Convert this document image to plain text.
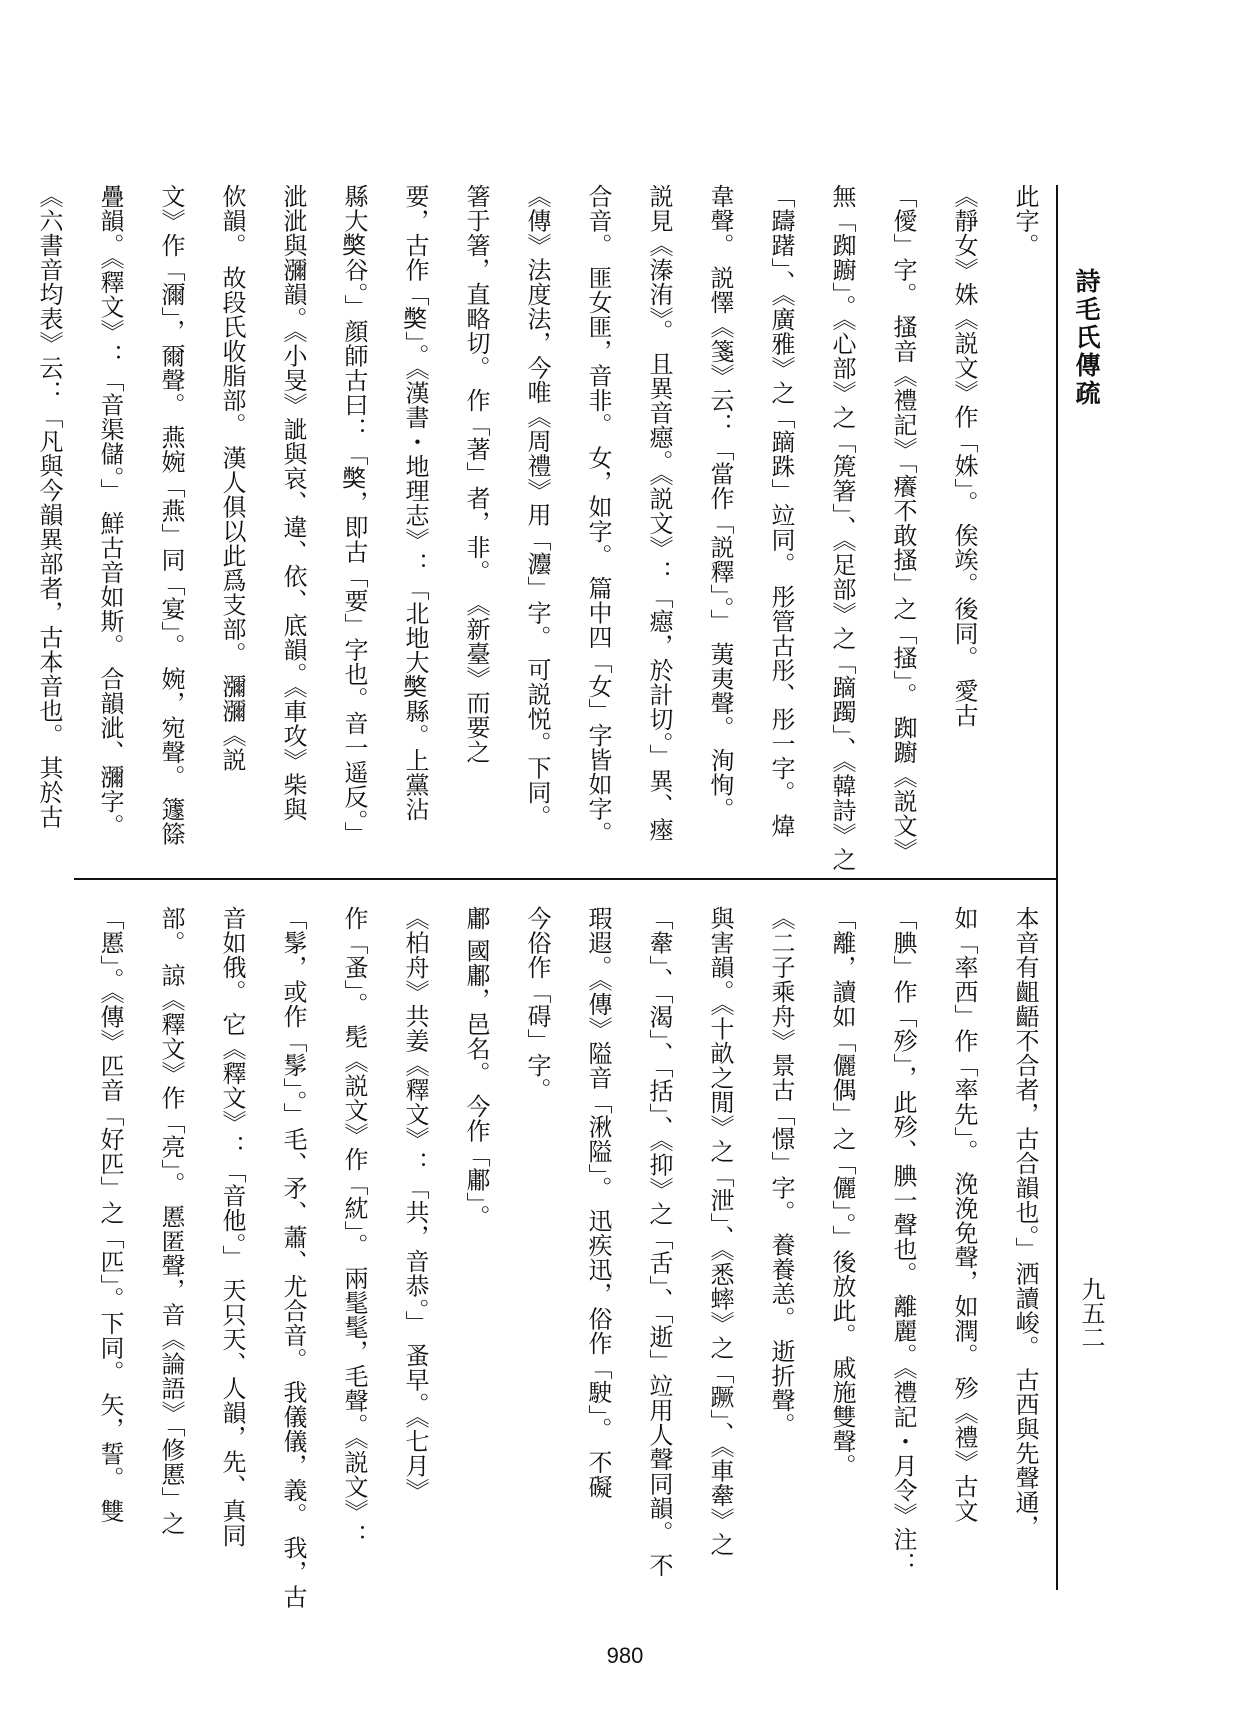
詩毛氏傳疏
九五二
此字。
《靜女》姝《説文》作「姝」。 俟竢。後同。 愛古
「僾」字。 搔音《禮記》「癢不敢搔」之「搔」。 踟躕《説文》
無「踟躕」。《心部》之「箎箸」、《足部》之「蹢躅」、《韓詩》之
「躊躇」、《廣雅》之「蹢跦」竝同。 彤管古彤、彤一字。 煒
韋聲。 説懌《箋》云：「當作「説釋」。」 荑夷聲。 洵恂。
説見《溱洧》。 且異音癋。《説文》：「癋，於計切。」異、瘞
合音。 匪女匪，音非。 女，如字。 篇中四「女」字皆如字。
《傳》法度法，今唯《周禮》用「灋」字。 可説悦。下同。
箸于箸，直略切。 作「著」者，非。 《新臺》而要之
要，古作「𡚁」。《漢書・地理志》：「北地大𡚁縣。上黨沾
縣大𡚁谷。」顔師古曰：「𡚁，即古「要」字也。音一遥反。」
泚泚與瀰韻。《小旻》訿與哀、違、依、底韻。《車攻》柴與
佽韻。 故段氏收脂部。 漢人俱以此爲支部。 瀰瀰《説
文》作「濔」，爾聲。 燕婉「燕」同「宴」。 婉，宛聲。 籧篨
疊韻。《釋文》：「音渠儲。」 鮮古音如斯。 合韻泚、瀰字。
《六書音均表》云：「凡與今韻異部者，古本音也。 其於古
本音有齟齬不合者，古合韻也。」洒讀峻。 古西與先聲通，
如「率西」作「率先」。 浼浼免聲，如潤。 殄《禮》古文
「腆」作「殄」，此殄、腆一聲也。 離麗。《禮記・月令》注：
「離，讀如「儷偶」之「儷」。」後放此。 戚施雙聲。
《二子乘舟》景古「憬」字。 養養恙。 逝折聲。
與害韻。《十畝之閒》之「泄」、《悉蟀》之「蹶」、《車舝》之
「舝」、「渴」、「括」、《抑》之「舌」、「逝」竝用人聲同韻。 不
瑕遐。《傳》隘音「湫隘」。 迅疾迅，俗作「駛」。 不礙
今俗作「碍」字。
鄘 國鄘，邑名。 今作「鄘」。
《柏舟》共姜《釋文》：「共，音恭。」 蚤早。《七月》
作「蚤」。 髧《説文》作「紞」。 兩髦髦，毛聲。《説文》：
「髳，或作「髳」。」毛、矛、蕭、尤合音。 我儀儀，義。 我，古
音如俄。 它《釋文》：「音他。」 天只天、人韻，先、真同
部。 諒《釋文》作「亮」。 慝匿聲，音《論語》「修慝」之
「慝」。《傳》匹音「好匹」之「匹」。下同。 矢，誓。 雙
980
